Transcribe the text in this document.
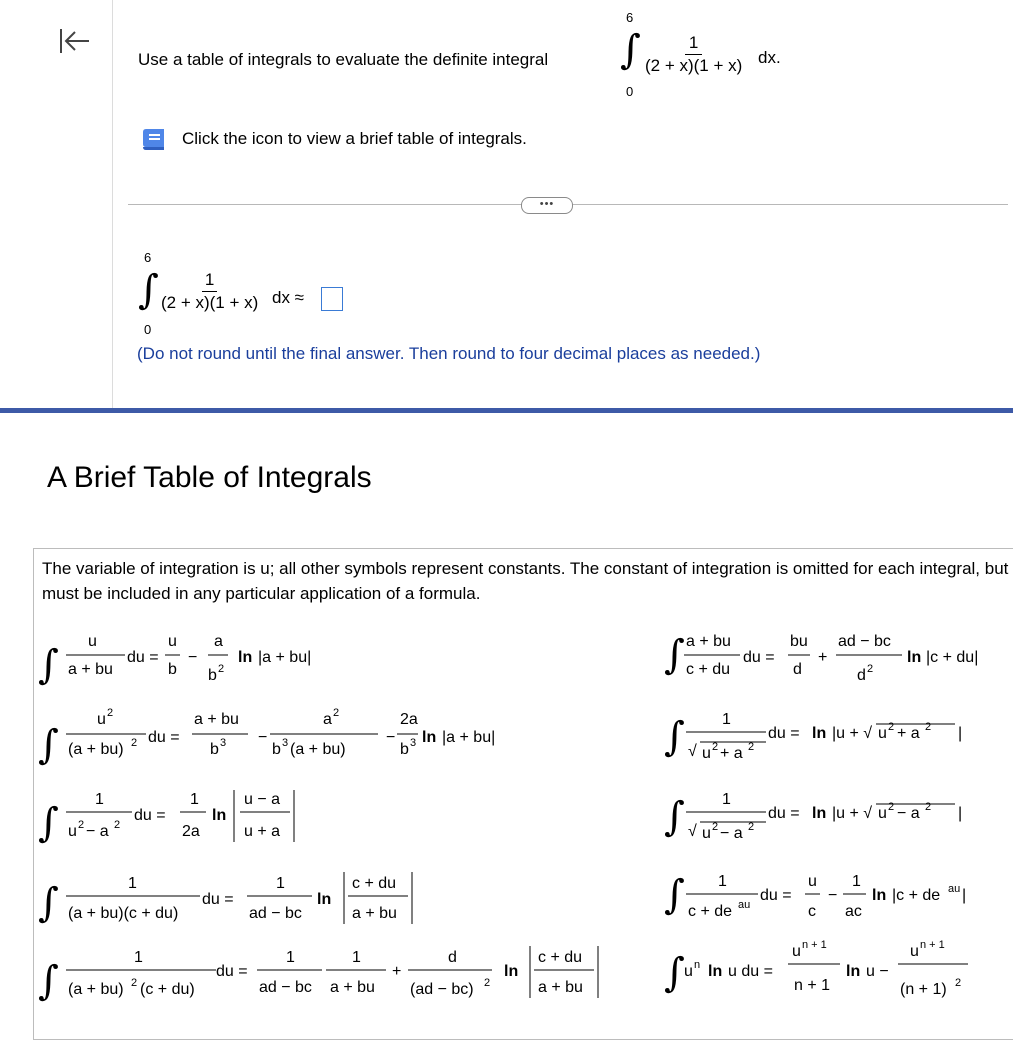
Use a table of integrals to evaluate the definite integral
6
∫
0
$\frac{1}{(2 + x)(1 + x)}$ dx.
Click the icon to view a brief table of integrals.
•••
6
∫
0
$\frac{1}{(2 + x)(1 + x)}$ dx ≈
(Do not round until the final answer. Then round to four decimal places as needed.)
A Brief Table of Integrals
The variable of integration is u; all other symbols represent constants. The constant of integration is omitted for each integral, but must be included in any particular application of a formula.
∫
u
a + bu
du =
u
b
−
a
b 2
ln |a + bu|	∫ a + bu
c + du
du =
bu
d
+
ad − bc
d 2
ln |c + du|
∫
u 2
(a + bu) 2 du =
a + bu
b 3 −
a 2
b 3 (a + bu)
−
2a
b 3 ln |a + bu|	∫ 1
√ u 2 + a 2
du = ln |u + √ u 2 + a 2 |
∫
1
u 2 − a 2
du =
1
2a
ln
u − a
u + a	∫ 1
√ u 2 − a 2
du = ln |u + √ u 2 − a 2 |
∫	1
(a + bu)(c + du)
du =
1
ad − bc
ln
c + du
a + bu	∫ 1
c + de au
du =
u
c
−
1
ac
ln |c + de au |
∫
1
(a + bu) 2 (c + du)
du =
1
ad − bc
1
a + bu
+
d
(ad − bc) 2
ln
c + du
a + bu ∫ u n ln u du =
u n + 1
n + 1
ln u −
u n + 1
(n + 1) 2
